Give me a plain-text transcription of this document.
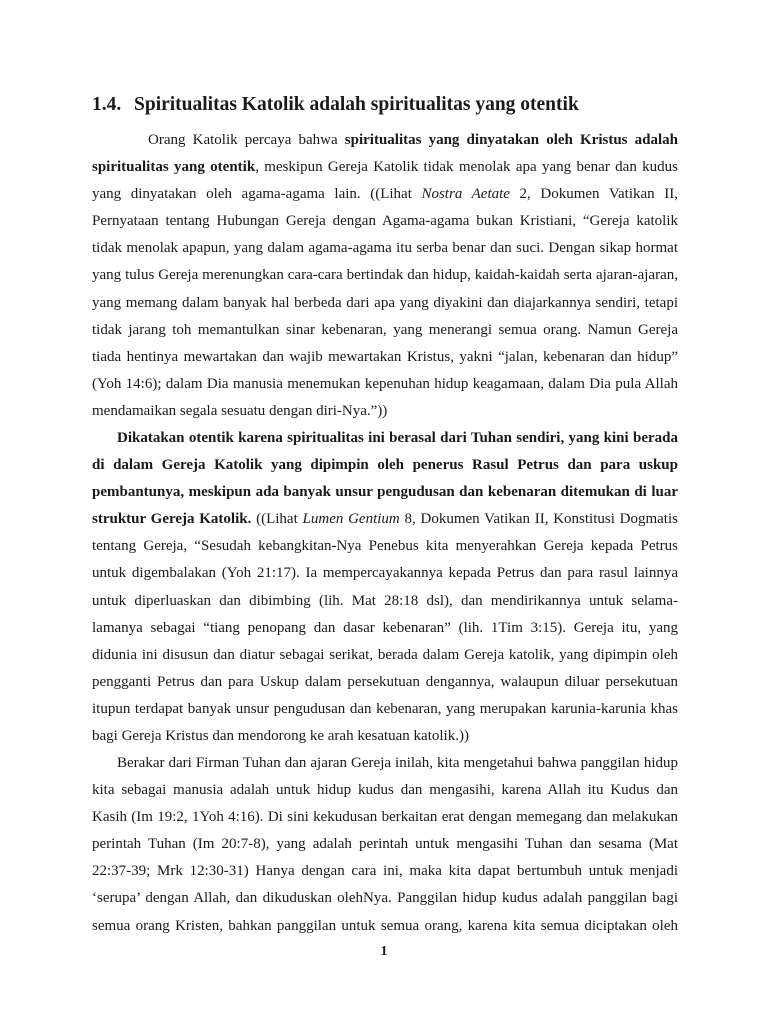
1.4. Spiritualitas Katolik adalah spiritualitas yang otentik
Orang Katolik percaya bahwa spiritualitas yang dinyatakan oleh Kristus adalah
spiritualitas yang otentik, meskipun Gereja Katolik tidak menolak apa yang benar dan kudus
yang dinyatakan oleh agama-agama lain. ((Lihat Nostra Aetate 2, Dokumen Vatikan II,
Pernyataan tentang Hubungan Gereja dengan Agama-agama bukan Kristiani, “Gereja katolik
tidak menolak apapun, yang dalam agama-agama itu serba benar dan suci. Dengan sikap hormat
yang tulus Gereja merenungkan cara-cara bertindak dan hidup, kaidah-kaidah serta ajaran-ajaran,
yang memang dalam banyak hal berbeda dari apa yang diyakini dan diajarkannya sendiri, tetapi
tidak jarang toh memantulkan sinar kebenaran, yang menerangi semua orang. Namun Gereja
tiada hentinya mewartakan dan wajib mewartakan Kristus, yakni “jalan, kebenaran dan hidup”
(Yoh 14:6); dalam Dia manusia menemukan kepenuhan hidup keagamaan, dalam Dia pula Allah
mendamaikan segala sesuatu dengan diri-Nya.”))
Dikatakan otentik karena spiritualitas ini berasal dari Tuhan sendiri, yang kini berada
di dalam Gereja Katolik yang dipimpin oleh penerus Rasul Petrus dan para uskup
pembantunya, meskipun ada banyak unsur pengudusan dan kebenaran ditemukan di luar
struktur Gereja Katolik. ((Lihat Lumen Gentium 8, Dokumen Vatikan II, Konstitusi Dogmatis
tentang Gereja, “Sesudah kebangkitan-Nya Penebus kita menyerahkan Gereja kepada Petrus
untuk digembalakan (Yoh 21:17). Ia mempercayakannya kepada Petrus dan para rasul lainnya
untuk diperluaskan dan dibimbing (lih. Mat 28:18 dsl), dan mendirikannya untuk selama-
lamanya sebagai “tiang penopang dan dasar kebenaran” (lih. 1Tim 3:15). Gereja itu, yang
didunia ini disusun dan diatur sebagai serikat, berada dalam Gereja katolik, yang dipimpin oleh
pengganti Petrus dan para Uskup dalam persekutuan dengannya, walaupun diluar persekutuan
itupun terdapat banyak unsur pengudusan dan kebenaran, yang merupakan karunia-karunia khas
bagi Gereja Kristus dan mendorong ke arah kesatuan katolik.))
Berakar dari Firman Tuhan dan ajaran Gereja inilah, kita mengetahui bahwa panggilan hidup
kita sebagai manusia adalah untuk hidup kudus dan mengasihi, karena Allah itu Kudus dan
Kasih (Im 19:2, 1Yoh 4:16). Di sini kekudusan berkaitan erat dengan memegang dan melakukan
perintah Tuhan (Im 20:7-8), yang adalah perintah untuk mengasihi Tuhan dan sesama (Mat
22:37-39; Mrk 12:30-31) Hanya dengan cara ini, maka kita dapat bertumbuh untuk menjadi
‘serupa’ dengan Allah, dan dikuduskan olehNya. Panggilan hidup kudus adalah panggilan bagi
semua orang Kristen, bahkan panggilan untuk semua orang, karena kita semua diciptakan oleh
1
